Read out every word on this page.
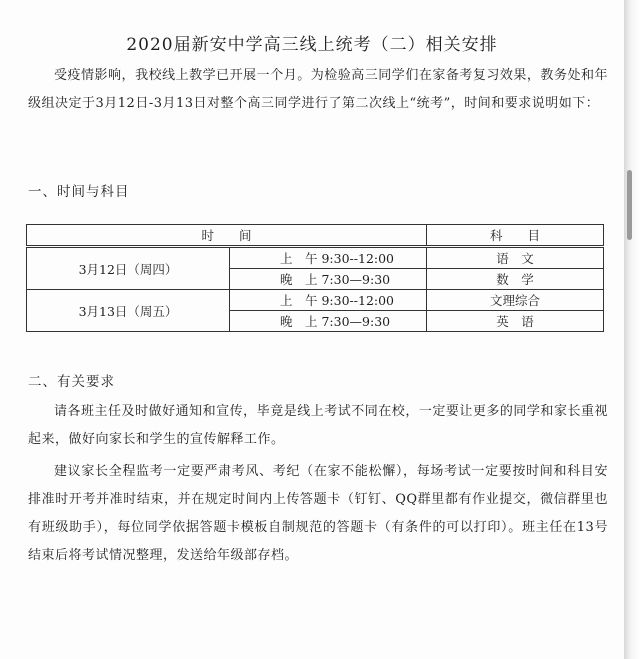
2020届新安中学高三线上统考（二）相关安排
受疫情影响，我校线上教学已开展一个月。为检验高三同学们在家备考复习效果，教务处和年级组决定于3月12日-3月13日对整个高三同学进行了第二次线上“统考”，时间和要求说明如下：
一、时间与科目
时　　间		科　　目
3月12日（周四）	上　午 9:30--12:00	语　文
	晚　上 7:30—9:30	数　学
3月13日（周五）	上　午 9:30--12:00	文理综合
	晚　上 7:30—9:30	英　语
二、有关要求
请各班主任及时做好通知和宣传，毕竟是线上考试不同在校，一定要让更多的同学和家长重视起来，做好向家长和学生的宣传解释工作。
建议家长全程监考一定要严肃考风、考纪（在家不能松懈），每场考试一定要按时间和科目安排准时开考并准时结束，并在规定时间内上传答题卡（钉钉、QQ群里都有作业提交，微信群里也有班级助手），每位同学依据答题卡模板自制规范的答题卡（有条件的可以打印）。班主任在13号结束后将考试情况整理，发送给年级部存档。
